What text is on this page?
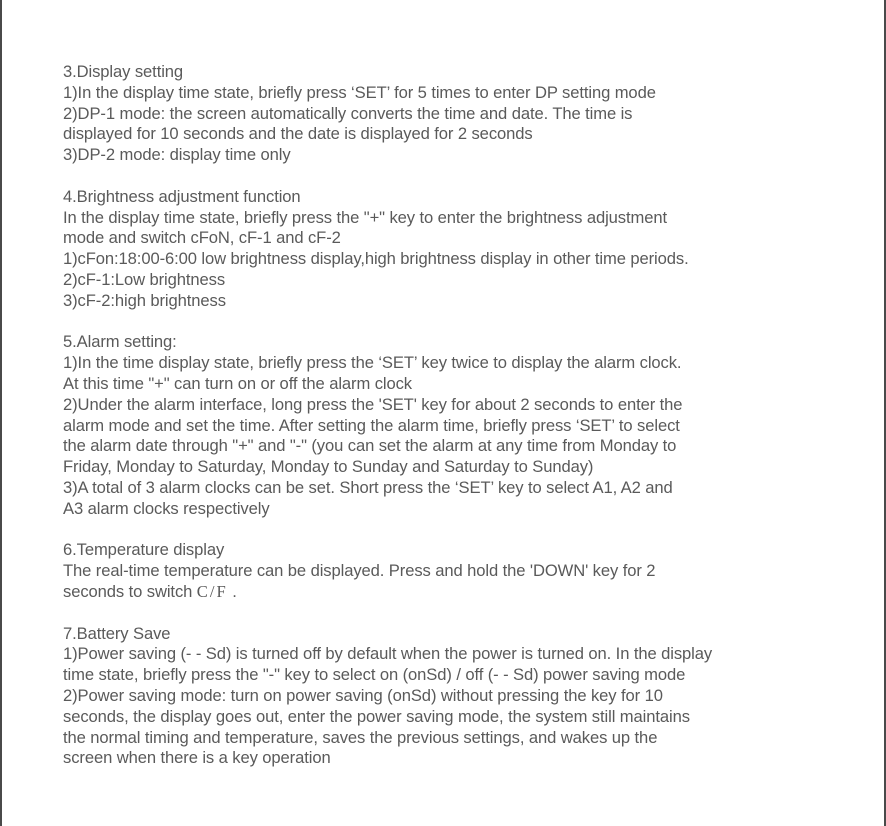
3.Display setting
1)In the display time state, briefly press ‘SET’ for 5 times to enter DP setting mode
2)DP-1 mode: the screen automatically converts the time and date. The time is
displayed for 10 seconds and the date is displayed for 2 seconds
3)DP-2 mode: display time only
4.Brightness adjustment function
In the display time state, briefly press the "+" key to enter the brightness adjustment
mode and switch cFoN, cF-1 and cF-2
1)cFon:18:00-6:00 low brightness display,high brightness display in other time periods.
2)cF-1:Low brightness
3)cF-2:high brightness
5.Alarm setting:
1)In the time display state, briefly press the ‘SET’ key twice to display the alarm clock.
At this time "+" can turn on or off the alarm clock
2)Under the alarm interface, long press the 'SET' key for about 2 seconds to enter the
alarm mode and set the time. After setting the alarm time, briefly press ‘SET’ to select
the alarm date through "+" and "-" (you can set the alarm at any time from Monday to
Friday, Monday to Saturday, Monday to Sunday and Saturday to Sunday)
3)A total of 3 alarm clocks can be set. Short press the ‘SET’ key to select A1, A2 and
A3 alarm clocks respectively
6.Temperature display
The real-time temperature can be displayed. Press and hold the 'DOWN' key for 2
seconds to switch C/F .
7.Battery Save
1)Power saving (- - Sd) is turned off by default when the power is turned on. In the display
time state, briefly press the "-" key to select on (onSd) / off (- - Sd) power saving mode
2)Power saving mode: turn on power saving (onSd) without pressing the key for 10
seconds, the display goes out, enter the power saving mode, the system still maintains
the normal timing and temperature, saves the previous settings, and wakes up the
screen when there is a key operation
